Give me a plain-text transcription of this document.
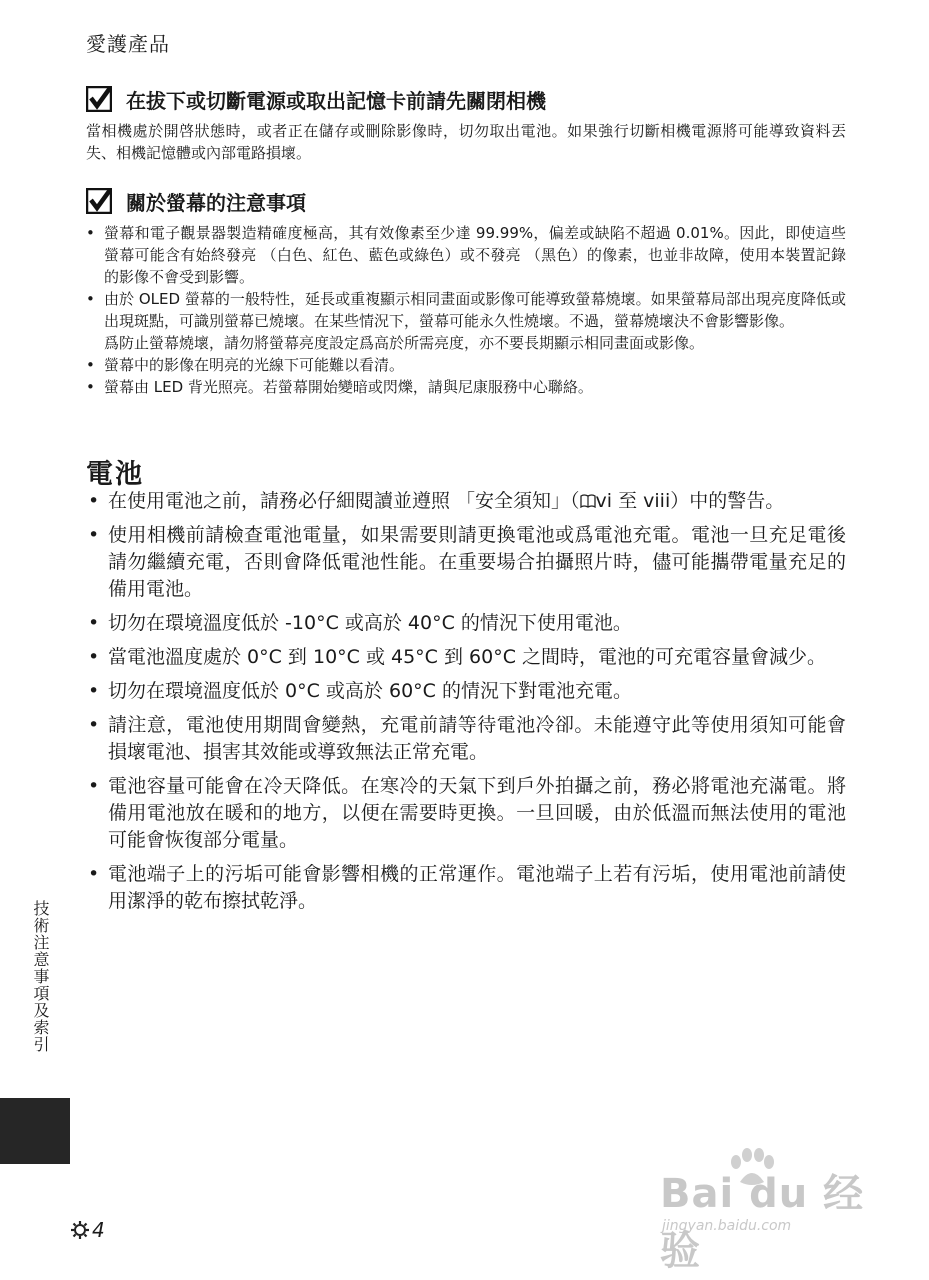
愛護產品
在拔下或切斷電源或取出記憶卡前請先關閉相機

當相機處於開啓狀態時，或者正在儲存或刪除影像時，切勿取出電池。如果強行切斷相機電源將可能導致資料丟失、相機記憶體或內部電路損壞。

關於螢幕的注意事項
• 螢幕和電子觀景器製造精確度極高，其有效像素至少達 99.99%，偏差或缺陷不超過 0.01%。因此，即使這些螢幕可能含有始終發亮 （白色、紅色、藍色或綠色）或不發亮 （黑色）的像素，也並非故障，使用本裝置記錄的影像不會受到影響。
• 由於 OLED 螢幕的一般特性，延長或重複顯示相同畫面或影像可能導致螢幕燒壞。如果螢幕局部出現亮度降低或出現斑點，可識別螢幕已燒壞。在某些情況下，螢幕可能永久性燒壞。不過，螢幕燒壞決不會影響影像。
爲防止螢幕燒壞，請勿將螢幕亮度設定爲高於所需亮度，亦不要長期顯示相同畫面或影像。
• 螢幕中的影像在明亮的光線下可能難以看清。
• 螢幕由 LED 背光照亮。若螢幕開始變暗或閃爍，請與尼康服務中心聯絡。
電池
• 在使用電池之前，請務必仔細閱讀並遵照 「安全須知」（ vi 至 viii）中的警告。
• 使用相機前請檢查電池電量，如果需要則請更換電池或爲電池充電。電池一旦充足電後請勿繼續充電，否則會降低電池性能。在重要場合拍攝照片時，儘可能攜帶電量充足的備用電池。
• 切勿在環境溫度低於 -10°C 或高於 40°C 的情況下使用電池。
• 當電池溫度處於 0°C 到 10°C 或 45°C 到 60°C 之間時，電池的可充電容量會減少。
• 切勿在環境溫度低於 0°C 或高於 60°C 的情況下對電池充電。
• 請注意，電池使用期間會變熱，充電前請等待電池冷卻。未能遵守此等使用須知可能會損壞電池、損害其效能或導致無法正常充電。
• 電池容量可能會在冷天降低。在寒冷的天氣下到戶外拍攝之前，務必將電池充滿電。將備用電池放在暖和的地方，以便在需要時更換。一旦回暖，由於低溫而無法使用的電池可能會恢復部分電量。
• 電池端子上的污垢可能會影響相機的正常運作。電池端子上若有污垢，使用電池前請使用潔淨的乾布擦拭乾淨。
技術注意事項及索引
4
Bai du 经验
jingyan.baidu.com
